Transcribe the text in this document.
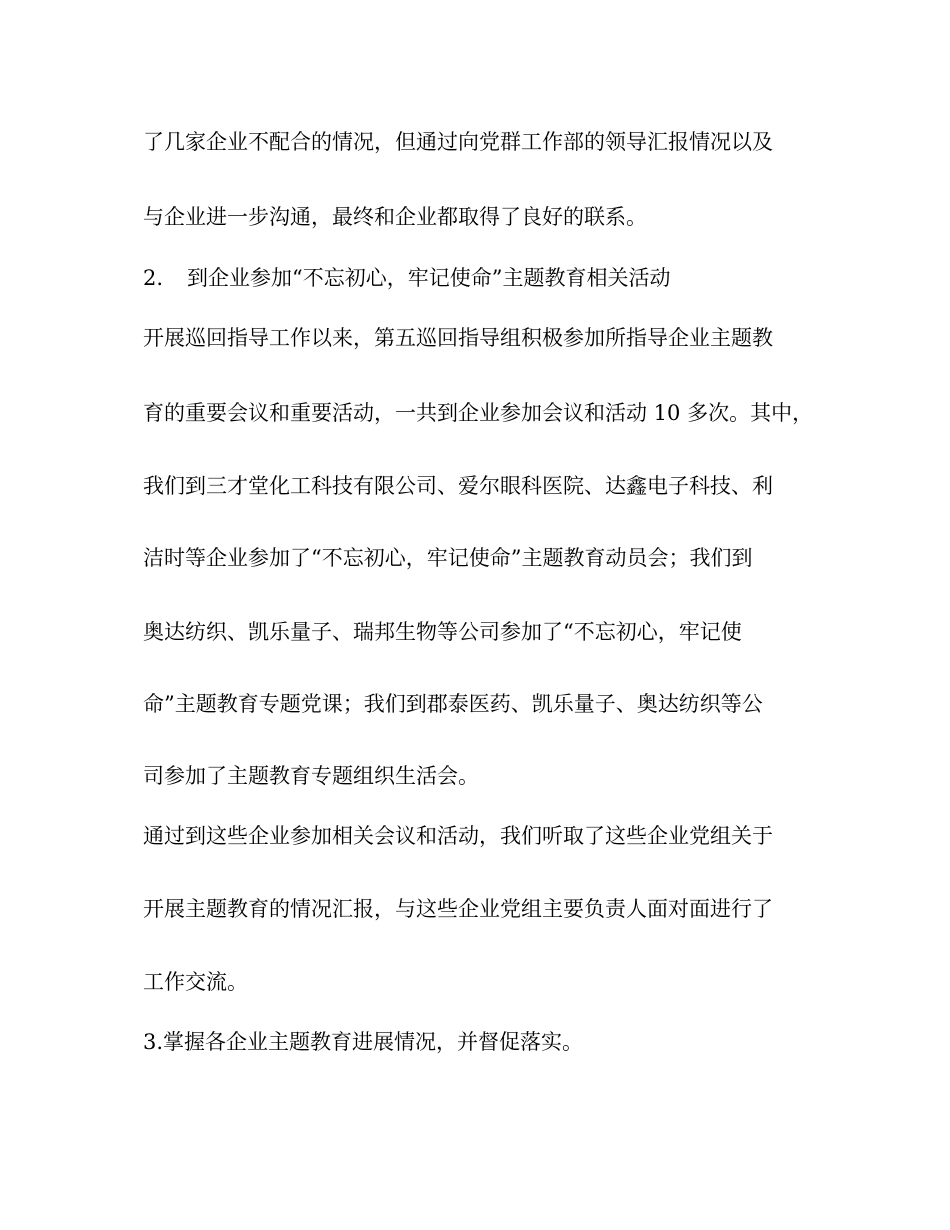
了几家企业不配合的情况，但通过向党群工作部的领导汇报情况以及
与企业进一步沟通，最终和企业都取得了良好的联系。
2. 到企业参加“不忘初心，牢记使命”主题教育相关活动
开展巡回指导工作以来，第五巡回指导组积极参加所指导企业主题教
育的重要会议和重要活动，一共到企业参加会议和活动 10 多次。其中，
我们到三才堂化工科技有限公司、爱尔眼科医院、达鑫电子科技、利
洁时等企业参加了“不忘初心，牢记使命”主题教育动员会；我们到
奥达纺织、凯乐量子、瑞邦生物等公司参加了“不忘初心，牢记使
命”主题教育专题党课；我们到郡泰医药、凯乐量子、奥达纺织等公
司参加了主题教育专题组织生活会。
通过到这些企业参加相关会议和活动，我们听取了这些企业党组关于
开展主题教育的情况汇报，与这些企业党组主要负责人面对面进行了
工作交流。
3.掌握各企业主题教育进展情况，并督促落实。
